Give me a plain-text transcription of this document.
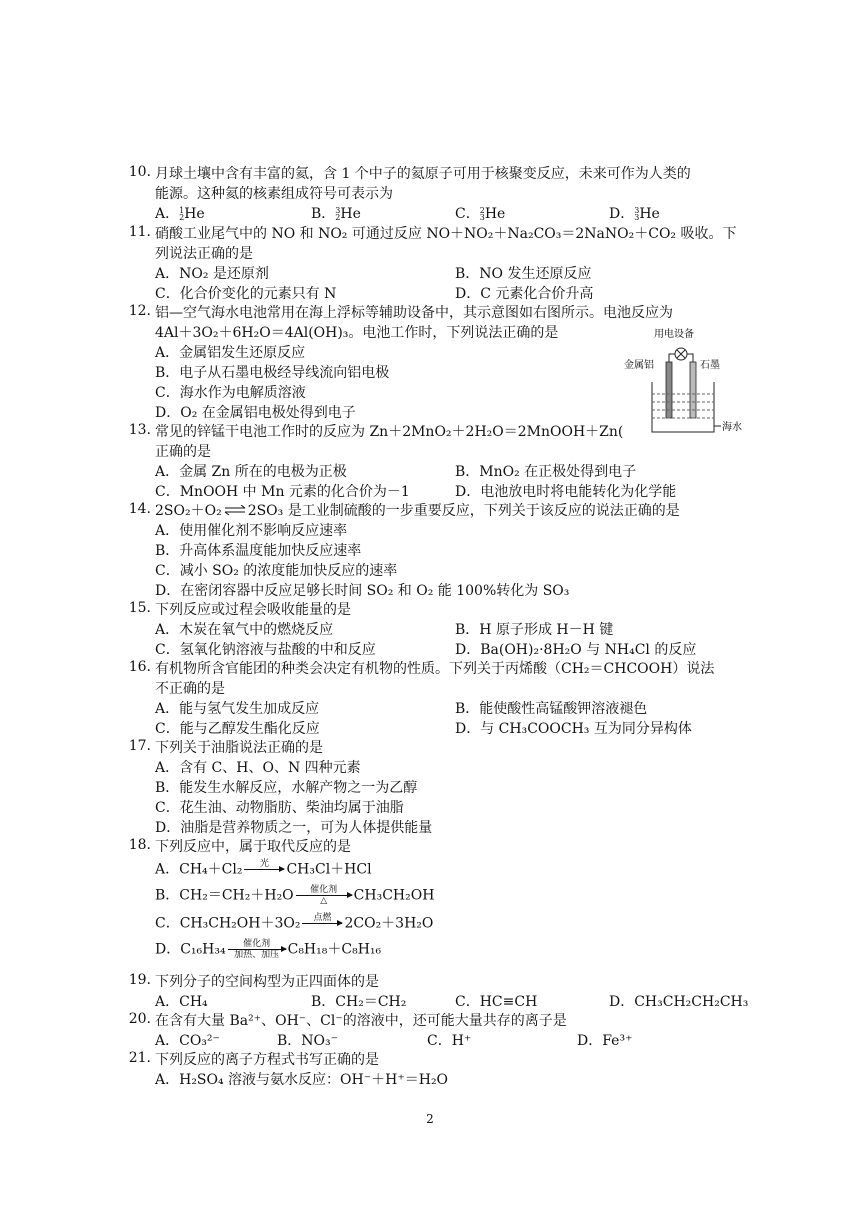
10. 月球土壤中含有丰富的氦，含 1 个中子的氦原子可用于核聚变反应，未来可作为人类的
能源。这种氦的核素组成符号可表示为
A． 1
2 He	B． 3
2 He	C． 2
3 He	D． 3
3 He
11. 硝酸工业尾气中的 NO 和 NO₂ 可通过反应 NO＋NO₂＋Na₂CO₃＝2NaNO₂＋CO₂ 吸收。下
列说法正确的是
A．NO₂ 是还原剂	B．NO 发生还原反应
C．化合价变化的元素只有 N	D．C 元素化合价升高
12. 铝—空气海水电池常用在海上浮标等辅助设备中，其示意图如右图所示。电池反应为
4Al＋3O₂＋6H₂O＝4Al(OH)₃。电池工作时，下列说法正确的是
A．金属铝发生还原反应
B．电子从石墨电极经导线流向铝电极
C．海水作为电解质溶液
D．O₂ 在金属铝电极处得到电子
用电设备
金属铝	石墨
海水
13. 常见的锌锰干电池工作时的反应为 Zn＋2MnO₂＋2H₂O＝2MnOOH＋Zn(
正确的是
A．金属 Zn 所在的电极为正极	B．MnO₂ 在正极处得到电子
C．MnOOH 中 Mn 元素的化合价为－1	D．电池放电时将电能转化为化学能
14. 2SO₂＋O₂ ⇌ 2SO₃ 是工业制硫酸的一步重要反应，下列关于该反应的说法正确的是
A．使用催化剂不影响反应速率
B．升高体系温度能加快反应速率
C．减小 SO₂ 的浓度能加快反应的速率
D．在密闭容器中反应足够长时间 SO₂ 和 O₂ 能 100%转化为 SO₃
15. 下列反应或过程会吸收能量的是
A．木炭在氧气中的燃烧反应	B．H 原子形成 H－H 键
C．氢氧化钠溶液与盐酸的中和反应	D．Ba(OH)₂·8H₂O 与 NH₄Cl 的反应
16. 有机物所含官能团的种类会决定有机物的性质。下列关于丙烯酸（CH₂＝CHCOOH）说法
不正确的是
A．能与氢气发生加成反应	B．能使酸性高锰酸钾溶液褪色
C．能与乙醇发生酯化反应	D．与 CH₃COOCH₃ 互为同分异构体
17. 下列关于油脂说法正确的是
A．含有 C、H、O、N 四种元素
B．能发生水解反应，水解产物之一为乙醇
C．花生油、动物脂肪、柴油均属于油脂
D．油脂是营养物质之一，可为人体提供能量
18. 下列反应中，属于取代反应的是
A．CH₄＋Cl₂	光
	CH₃Cl＋HCl
B．CH₂＝CH₂＋H₂O	催化剂
△	CH₃CH₂OH
C．CH₃CH₂OH＋3O₂	点燃
2CO₂＋3H₂O
D．C₁₆H₃₄	催化剂
加热、加压 C₈H₁₈＋C₈H₁₆
19. 下列分子的空间构型为正四面体的是
A．CH₄	B．CH₂＝CH₂	C．HC≡CH	D．CH₃CH₂CH₂CH₃
20. 在含有大量 Ba²⁺、OH⁻、Cl⁻的溶液中，还可能大量共存的离子是
A．CO₃²⁻	B．NO₃⁻	C．H⁺	D．Fe³⁺
21. 下列反应的离子方程式书写正确的是
A．H₂SO₄ 溶液与氨水反应：OH⁻＋H⁺＝H₂O
2
